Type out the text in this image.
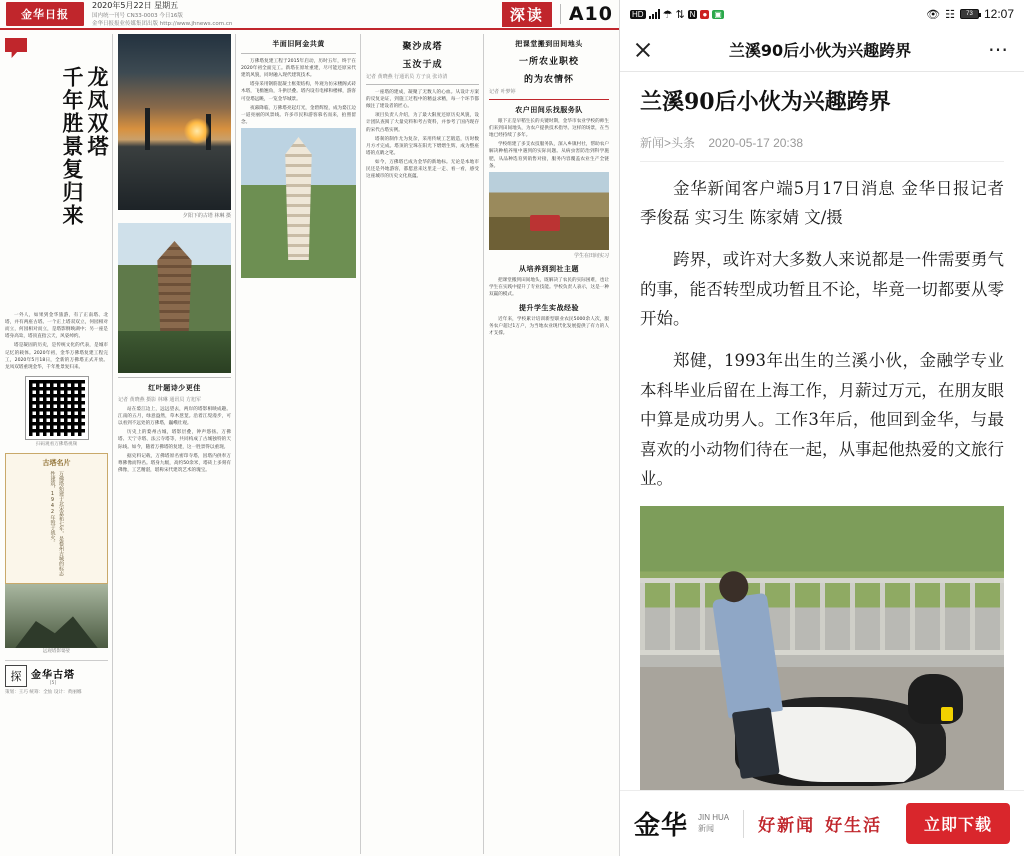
金华日报
2020年5月22日 星期五
国内统一刊号 CN33-0003 今日16版
金华日报报业传媒集团出版 http://www.jhnews.com.cn
深读	A10
龙凤双塔
千年胜景复归来

一外人，如果到金华旅游，有了正南塔、北塔，并有两座古塔。一个正上塔双双立，何园相对而立，何园相对而立，是塔影倒映湖中；另一座是塔身高耸，塔顶直指云天，风姿绰约。

塔是凝固的历史，是传统文化的代表，是城市记忆的载体。2020年初，金华万佛塔复建工程完工，2020年5月18日，全新的万佛塔正式开放。龙凤双塔重现金华，千年胜景复归来。

扫码观看万佛塔视频
古塔名片
万佛塔始建于北宋嘉祐七年，是婺州古城的标志性建筑，1942年毁于战火。
远观塔影婆娑
探 金华古塔
[5]
策划：王巧 统筹：全仙 设计：黄丽娜
夕阳下的古塔 林琳 摄
红叶题诗少更佳
记者 黄晓燕 摄影 林琳 通讯员 方旭军

站在婺江边上，远远望去，两岸的塔影相映成趣。江南的五月，绿意盎然，草木葱茏。沿着江堤漫步，可以看到不远处的万佛塔，巍峨壮观。

历史上的婺州古城，塔影层叠，钟声悠扬。万佛塔、天宁寺塔、法云寺塔等，共同构成了古城独特的天际线。如今，随着万佛塔的复建，这一胜景得以重现。

据史料记载，万佛塔原名密印寺塔，因塔内供奉万尊佛像而得名。塔身九级，高约50余米，塔砖上多刻有佛像，工艺精湛，堪称宋代建筑艺术的瑰宝。

半面旧阿金共黄

万佛塔复建工程于2015年启动，历时五年，终于在2020年初全面完工。新塔在原址重建，尽可能还原宋代建筑风貌，同时融入现代建筑技术。

塔身采用钢筋混凝土框架结构，外观为仿宋楼阁式砖木塔，飞檐翘角，斗拱层叠。塔内设有电梯和楼梯，游客可登塔远眺，一览金华城景。

夜幕降临，万佛塔亮起灯光，金碧辉煌，成为婺江边一道亮丽的风景线。许多市民和游客慕名而来，拍照留念。

聚沙成塔
玉汝于成
记者 黄晓燕 行通讯员 方子良 张诗清

一座塔的建成，凝聚了无数人的心血。从设计方案的反复论证，到施工过程中的精益求精，每一个环节都倾注了建设者的匠心。

项目负责人介绍，为了最大限度还原历史风貌，设计团队查阅了大量史料和考古资料，并参考了国内现存的宋代古塔实例。

塔刹的制作尤为复杂，采用传统工艺锻造，历时数月方才完成。塔顶的宝珠在阳光下熠熠生辉，成为整座塔的点睛之笔。

如今，万佛塔已成为金华的新地标。无论是本地市民还是外地游客，都愿意来这里走一走、看一看，感受这座城市的历史文化底蕴。

把课堂搬到田间地头
一所农业职校
的为农情怀
记者 叶梦婷
农户田间乐找服务队

眼下正是早稻生长的关键时期，金华市农业学校的师生们来到田间地头，为农户提供技术指导。这样的场景，在当地已经持续了多年。

学校组建了多支农技服务队，深入乡镇村社，帮助农户解决种植养殖中遇到的实际问题。从病虫害防治到科学施肥，从品种选育到销售对接，服务内容覆盖农业生产全链条。

学生在田间实习
从培养到到社主题

把课堂搬到田间地头，既解决了农民的实际困难，也让学生在实践中提升了专业技能。学校负责人表示，这是一种双赢的模式。

提升学生实战经验

近年来，学校累计培训新型职业农民5000余人次，服务农户超过1万户，为当地农业现代化发展提供了有力的人才支撑。

HD ☂ ⇅ N ● ▣	👁 ☷	73 12:07
兰溪90后小伙为兴趣跨界	⋯
兰溪90后小伙为兴趣跨界
新闻>头条 2020-05-17 20:38

金华新闻客户端5月17日消息 金华日报记者 季俊磊 实习生 陈家婧 文/摄

跨界，或许对大多数人来说都是一件需要勇气的事，能否转型成功暂且不论，毕竟一切都要从零开始。

郑健，1993年出生的兰溪小伙，金融学专业本科毕业后留在上海工作，月薪过万元，在朋友眼中算是成功男人。工作3年后，他回到金华，与最喜欢的小动物们待在一起，从事起他热爱的文旅行业。

金华 JIN HUA
新闻	好新闻 好生活	立即下载
